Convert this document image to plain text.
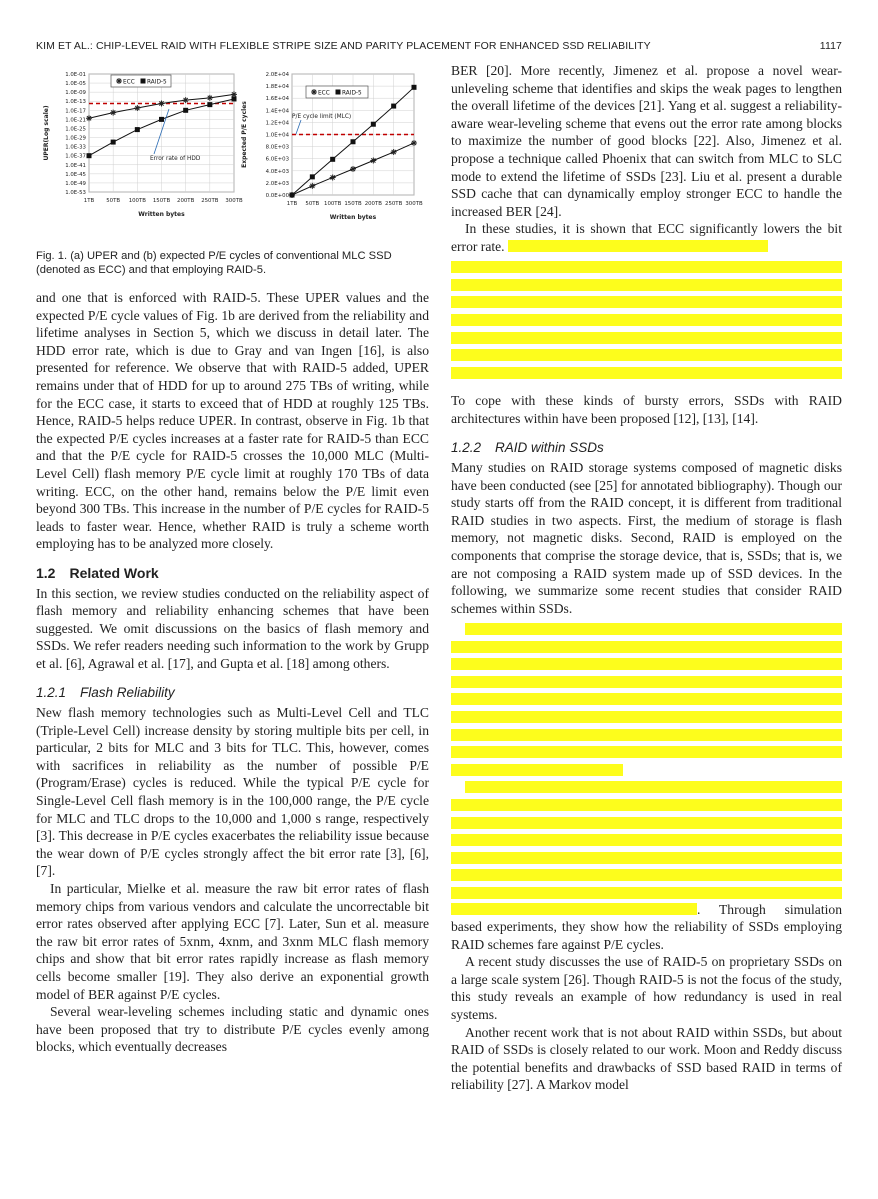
KIM ET AL.: CHIP-LEVEL RAID WITH FLEXIBLE STRIPE SIZE AND PARITY PLACEMENT FOR ENHANCED SSD RELIABILITY	1117
1.0E-01
1.0E-05
1.0E-09
1.0E-13
1.0E-17
1.0E-21
1.0E-25
1.0E-29
1.0E-33
1.0E-37
1.0E-41
1.0E-45
1.0E-49
1.0E-53
1TB 50TB 100TB 150TB 200TB 250TB 300TB
Written bytes
UPER(Log scale)
ECC RAID-5
Error rate of HDD
0.0E+00
2.0E+03
4.0E+03
6.0E+03
8.0E+03
1.0E+04
1.2E+04
1.4E+04
1.6E+04
1.8E+04
2.0E+04
1TB 50TB 100TB 150TB 200TB 250TB 300TB
Written bytes
Expected P/E cycles
ECC RAID-5
P/E cycle limit (MLC)
Fig. 1. (a) UPER and (b) expected P/E cycles of conventional MLC SSD (denoted as ECC) and that employing RAID-5.

and one that is enforced with RAID-5. These UPER values and the expected P/E cycle values of Fig. 1b are derived from the reliability and lifetime analyses in Section 5, which we discuss in detail later. The HDD error rate, which is due to Gray and van Ingen [16], is also presented for reference. We observe that with RAID-5 added, UPER remains under that of HDD for up to around 275 TBs of writing, while for the ECC case, it starts to exceed that of HDD at roughly 125 TBs. Hence, RAID-5 helps reduce UPER. In contrast, observe in Fig. 1b that the expected P/E cycles increases at a faster rate for RAID-5 than ECC and that the P/E cycle for RAID-5 crosses the 10,000 MLC (Multi-Level Cell) flash memory P/E cycle limit at roughly 170 TBs of data writing. ECC, on the other hand, remains below the P/E limit even beyond 300 TBs. This increase in the number of P/E cycles for RAID-5 leads to faster wear. Hence, whether RAID is truly a scheme worth employing has to be analyzed more closely.

1.2 Related Work

In this section, we review studies conducted on the reliability aspect of flash memory and reliability enhancing schemes that have been suggested. We omit discussions on the basics of flash memory and SSDs. We refer readers needing such information to the work by Grupp et al. [6], Agrawal et al. [17], and Gupta et al. [18] among others.

1.2.1 Flash Reliability

New flash memory technologies such as Multi-Level Cell and TLC (Triple-Level Cell) increase density by storing multiple bits per cell, in particular, 2 bits for MLC and 3 bits for TLC. This, however, comes with sacrifices in reliability as the number of possible P/E (Program/Erase) cycles is reduced. While the typical P/E cycle for Single-Level Cell flash memory is in the 100,000 range, the P/E cycle for MLC and TLC drops to the 10,000 and 1,000 s range, respectively [3]. This decrease in P/E cycles exacerbates the reliability issue because the wear down of P/E cycles strongly affect the bit error rate [3], [6], [7].

In particular, Mielke et al. measure the raw bit error rates of flash memory chips from various vendors and calculate the uncorrectable bit error rates observed after applying ECC [7]. Later, Sun et al. measure the raw bit error rates of 5xnm, 4xnm, and 3xnm MLC flash memory chips and show that bit error rates rapidly increase as flash memory cells become smaller [19]. They also derive an exponential growth model of BER against P/E cycles.

Several wear-leveling schemes including static and dynamic ones have been proposed that try to distribute P/E cycles evenly among blocks, which eventually decreases

BER [20]. More recently, Jimenez et al. propose a novel wear-unleveling scheme that identifies and skips the weak pages to lengthen the overall lifetime of the devices [21]. Yang et al. suggest a reliability-aware wear-leveling scheme that evens out the error rate among blocks to maximize the number of good blocks [22]. Also, Jimenez et al. propose a technique called Phoenix that can switch from MLC to SLC mode to extend the lifetime of SSDs [23]. Liu et al. present a durable SSD cache that can dynamically employ stronger ECC to handle the increased BER [24].

In these studies, it is shown that ECC significantly lowers the bit error rate.

To cope with these kinds of bursty errors, SSDs with RAID architectures within have been proposed [12], [13], [14].

1.2.2 RAID within SSDs

Many studies on RAID storage systems composed of magnetic disks have been conducted (see [25] for annotated bibliography). Though our study starts off from the RAID concept, it is different from traditional RAID studies in two aspects. First, the medium of storage is flash memory, not magnetic disks. Second, RAID is employed on the components that comprise the storage device, that is, SSDs; that is, we are not composing a RAID system made up of SSD devices. In the following, we summarize some recent studies that consider RAID schemes within SSDs.

. Through simulation based experiments, they show how the reliability of SSDs employing RAID schemes fare against P/E cycles.

A recent study discusses the use of RAID-5 on proprietary SSDs on a large scale system [26]. Though RAID-5 is not the focus of the study, this study reveals an example of how redundancy is used in real systems.

Another recent work that is not about RAID within SSDs, but about RAID of SSDs is closely related to our work. Moon and Reddy discuss the potential benefits and drawbacks of SSD based RAID in terms of reliability [27]. A Markov model
